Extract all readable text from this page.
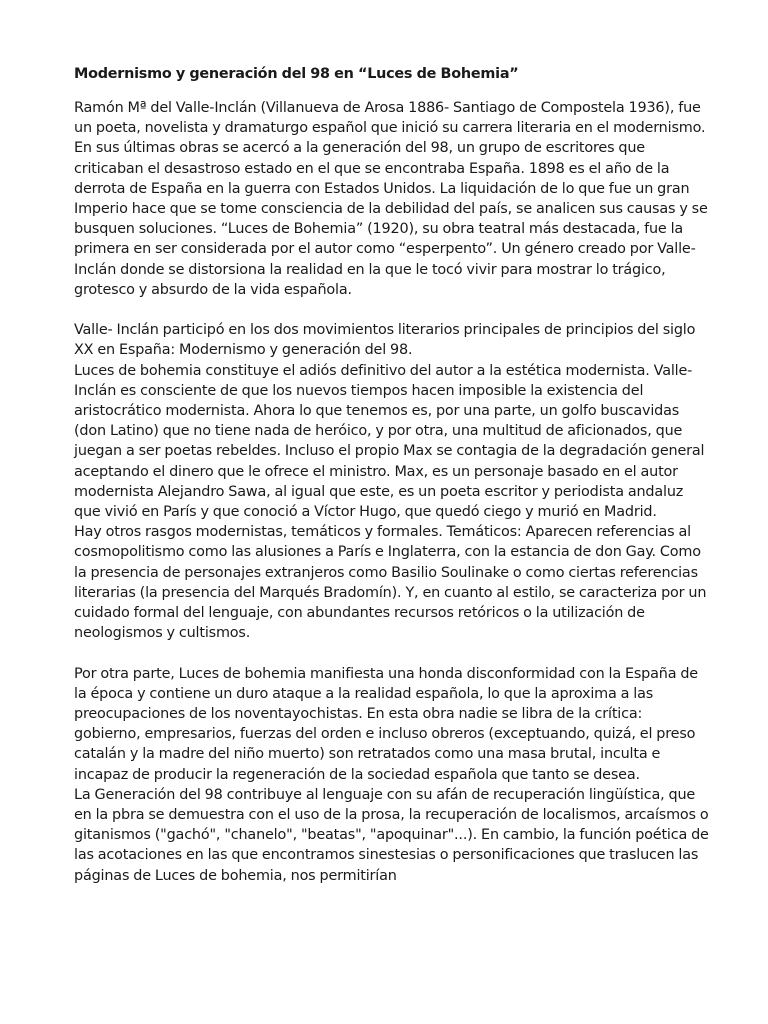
Modernismo y generación del 98 en “Luces de Bohemia”
Ramón Mª del Valle-Inclán (Villanueva de Arosa 1886- Santiago de Compostela 1936), fue un poeta, novelista y dramaturgo español que inició su carrera literaria en el modernismo.
En sus últimas obras se acercó a la generación del 98, un grupo de escritores que criticaban el desastroso estado en el que se encontraba España. 1898 es el año de la derrota de España en la guerra con Estados Unidos. La liquidación de lo que fue un gran Imperio hace que se tome consciencia de la debilidad del país, se analicen sus causas y se busquen soluciones. “Luces de Bohemia” (1920), su obra teatral más destacada, fue la primera en ser considerada por el autor como “esperpento”. Un género creado por Valle-Inclán donde se distorsiona la realidad en la que le tocó vivir para mostrar lo trágico, grotesco y absurdo de la vida española.
Valle- Inclán participó en los dos movimientos literarios principales de principios del siglo XX en España: Modernismo y generación del 98.
Luces de bohemia constituye el adiós definitivo del autor a la estética modernista. Valle-Inclán es consciente de que los nuevos tiempos hacen imposible la existencia del aristocrático modernista. Ahora lo que tenemos es, por una parte, un golfo buscavidas (don Latino) que no tiene nada de heróico, y por otra, una multitud de aficionados, que juegan a ser poetas rebeldes. Incluso el propio Max se contagia de la degradación general aceptando el dinero que le ofrece el ministro. Max, es un personaje basado en el autor modernista Alejandro Sawa, al igual que este, es un poeta escritor y periodista andaluz que vivió en París y que conoció a Víctor Hugo, que quedó ciego y murió en Madrid.
Hay otros rasgos modernistas, temáticos y formales. Temáticos: Aparecen referencias al cosmopolitismo como las alusiones a París e Inglaterra, con la estancia de don Gay. Como la presencia de personajes extranjeros como Basilio Soulinake o como ciertas referencias literarias (la presencia del Marqués Bradomín). Y, en cuanto al estilo, se caracteriza por un cuidado formal del lenguaje, con abundantes recursos retóricos o la utilización de neologismos y cultismos.
Por otra parte, Luces de bohemia manifiesta una honda disconformidad con la España de la época y contiene un duro ataque a la realidad española, lo que la aproxima a las preocupaciones de los noventayochistas. En esta obra nadie se libra de la crítica: gobierno, empresarios, fuerzas del orden e incluso obreros (exceptuando, quizá, el preso catalán y la madre del niño muerto) son retratados como una masa brutal, inculta e incapaz de producir la regeneración de la sociedad española que tanto se desea.
La Generación del 98 contribuye al lenguaje con su afán de recuperación lingüística, que en la pbra se demuestra con el uso de la prosa, la recuperación de localismos, arcaísmos o gitanismos ("gachó", "chanelo", "beatas", "apoquinar"...). En cambio, la función poética de las acotaciones en las que encontramos sinestesias o personificaciones que traslucen las páginas de Luces de bohemia, nos permitirían
